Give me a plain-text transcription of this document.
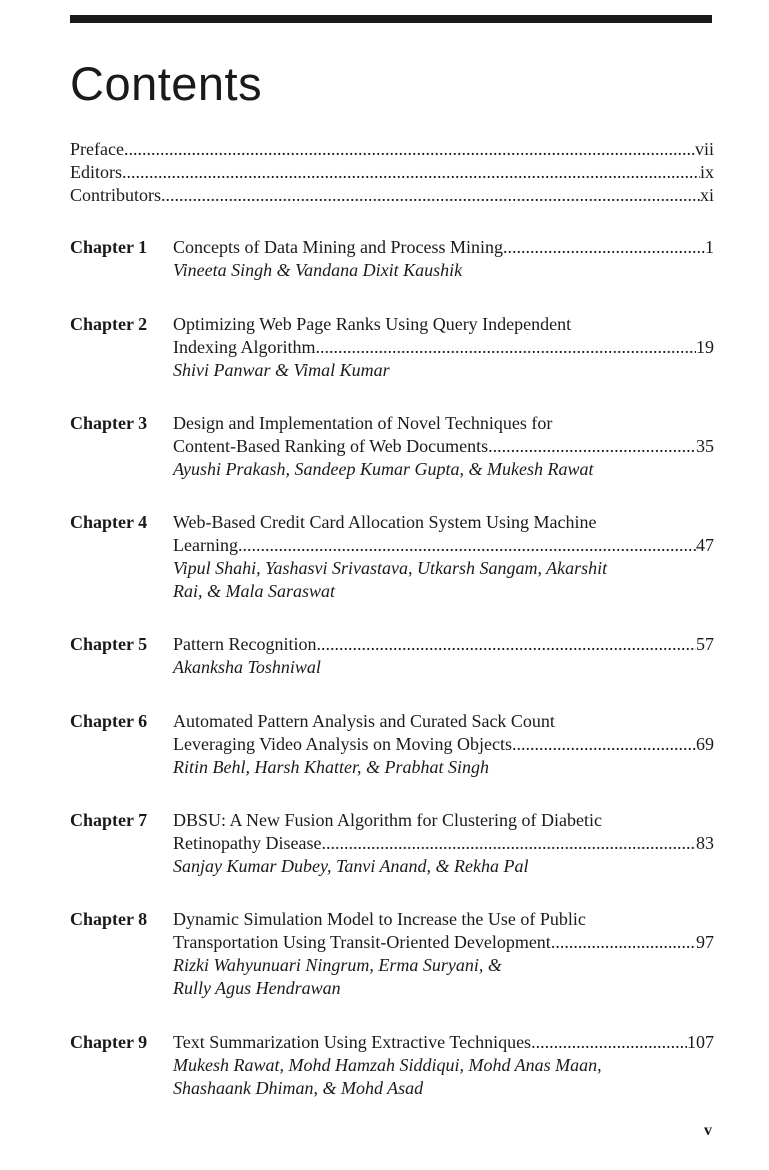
Contents
Preface .....	vii
Editors .....	ix
Contributors .....	xi
Chapter 1 Concepts of Data Mining and Process Mining .....	1
Vineeta Singh & Vandana Dixit Kaushik
Chapter 2 Optimizing Web Page Ranks Using Query Independent
Indexing Algorithm .....	19
Shivi Panwar & Vimal Kumar
Chapter 3 Design and Implementation of Novel Techniques for
Content-Based Ranking of Web Documents .....	35
Ayushi Prakash, Sandeep Kumar Gupta, & Mukesh Rawat
Chapter 4 Web-Based Credit Card Allocation System Using Machine
Learning .....	47
Vipul Shahi, Yashasvi Srivastava, Utkarsh Sangam, Akarshit
Rai, & Mala Saraswat
Chapter 5 Pattern Recognition .....	57
Akanksha Toshniwal
Chapter 6 Automated Pattern Analysis and Curated Sack Count
Leveraging Video Analysis on Moving Objects .....	69
Ritin Behl, Harsh Khatter, & Prabhat Singh
Chapter 7 DBSU: A New Fusion Algorithm for Clustering of Diabetic
Retinopathy Disease .....	83
Sanjay Kumar Dubey, Tanvi Anand, & Rekha Pal
Chapter 8 Dynamic Simulation Model to Increase the Use of Public
Transportation Using Transit-Oriented Development .....	97
Rizki Wahyunuari Ningrum, Erma Suryani, &
Rully Agus Hendrawan
Chapter 9 Text Summarization Using Extractive Techniques .....	107
Mukesh Rawat, Mohd Hamzah Siddiqui, Mohd Anas Maan,
Shashaank Dhiman, & Mohd Asad
v
